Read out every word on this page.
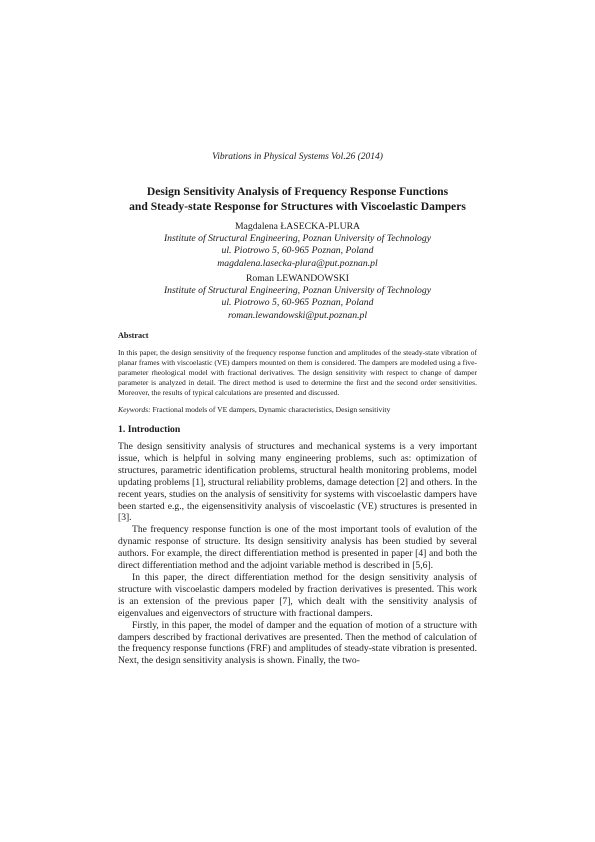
Vibrations in Physical Systems Vol.26 (2014)
Design Sensitivity Analysis of Frequency Response Functions
and Steady-state Response for Structures with Viscoelastic Dampers
Magdalena ŁASECKA-PLURA
Institute of Structural Engineering, Poznan University of Technology
ul. Piotrowo 5, 60-965 Poznan, Poland
magdalena.lasecka-plura@put.poznan.pl
Roman LEWANDOWSKI
Institute of Structural Engineering, Poznan University of Technology
ul. Piotrowo 5, 60-965 Poznan, Poland
roman.lewandowski@put.poznan.pl
Abstract
In this paper, the design sensitivity of the frequency response function and amplitudes of the steady-state vibration of planar frames with viscoelastic (VE) dampers mounted on them is considered. The dampers are modeled using a five-parameter rheological model with fractional derivatives. The design sensitivity with respect to change of damper parameter is analyzed in detail. The direct method is used to determine the first and the second order sensitivities. Moreover, the results of typical calculations are presented and discussed.
Keywords: Fractional models of VE dampers, Dynamic characteristics, Design sensitivity
1. Introduction

The design sensitivity analysis of structures and mechanical systems is a very important issue, which is helpful in solving many engineering problems, such as: optimization of structures, parametric identification problems, structural health monitoring problems, model updating problems [1], structural reliability problems, damage detection [2] and others. In the recent years, studies on the analysis of sensitivity for systems with viscoelastic dampers have been started e.g., the eigensensitivity analysis of viscoelastic (VE) structures is presented in [3].

The frequency response function is one of the most important tools of evalution of the dynamic response of structure. Its design sensitivity analysis has been studied by several authors. For example, the direct differentiation method is presented in paper [4] and both the direct differentiation method and the adjoint variable method is described in [5,6].

In this paper, the direct differentiation method for the design sensitivity analysis of structure with viscoelastic dampers modeled by fraction derivatives is presented. This work is an extension of the previous paper [7], which dealt with the sensitivity analysis of eigenvalues and eigenvectors of structure with fractional dampers.

Firstly, in this paper, the model of damper and the equation of motion of a structure with dampers described by fractional derivatives are presented. Then the method of calculation of the frequency response functions (FRF) and amplitudes of steady-state vibration is presented. Next, the design sensitivity analysis is shown. Finally, the two-
